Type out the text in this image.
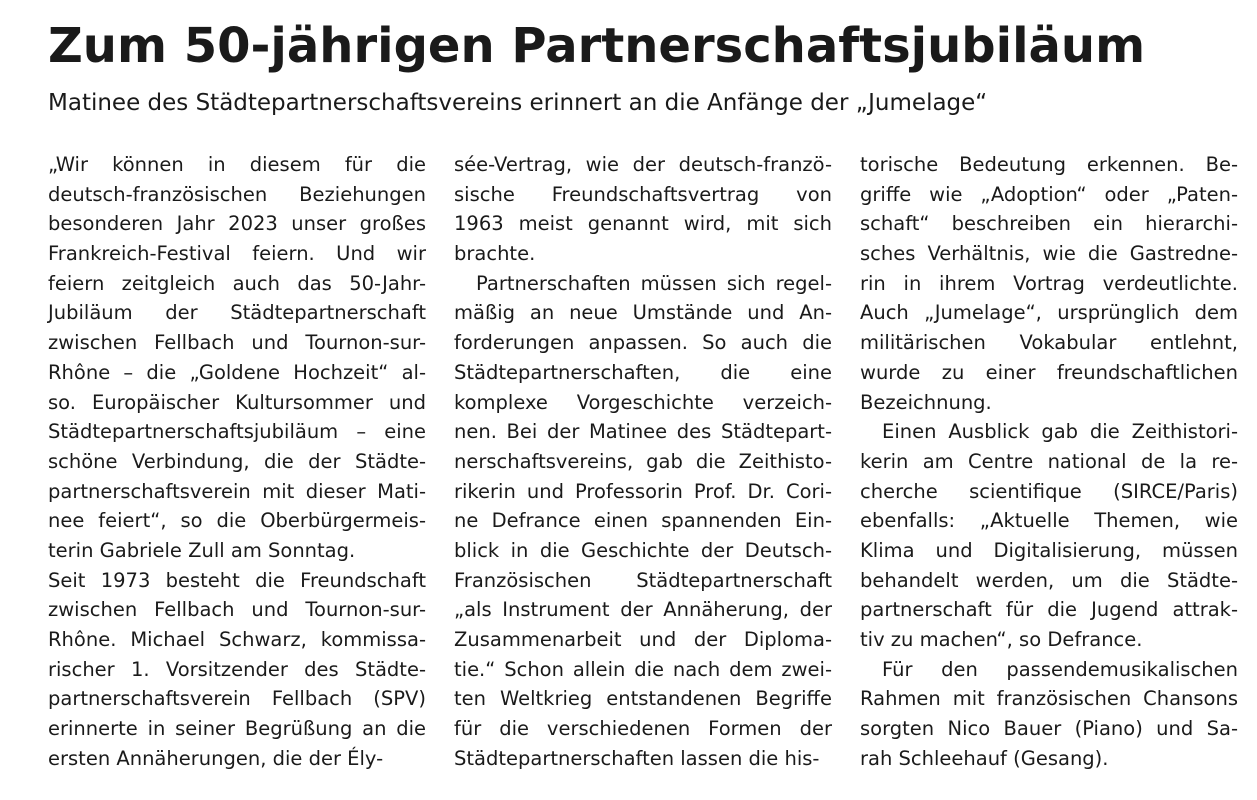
Zum 50-jährigen Partnerschaftsjubiläum
Matinee des Städtepartnerschaftsvereins erinnert an die Anfänge der „Jumelage“
„Wir können in diesem für die
deutsch-französischen Beziehungen
besonderen Jahr 2023 unser großes
Frankreich-Festival feiern. Und wir
feiern zeitgleich auch das 50-Jahr-
Jubiläum der Städtepartnerschaft
zwischen Fellbach und Tournon-sur-
Rhône – die „Goldene Hochzeit“ al-
so. Europäischer Kultursommer und
Städtepartnerschaftsjubiläum – eine
schöne Verbindung, die der Städte-
partnerschaftsverein mit dieser Mati-
nee feiert“, so die Oberbürgermeis-
terin Gabriele Zull am Sonntag.
Seit 1973 besteht die Freundschaft
zwischen Fellbach und Tournon-sur-
Rhône. Michael Schwarz, kommissa-
rischer 1. Vorsitzender des Städte-
partnerschaftsverein Fellbach (SPV)
erinnerte in seiner Begrüßung an die
ersten Annäherungen, die der Ély-
sée-Vertrag, wie der deutsch-franzö-
sische Freundschaftsvertrag von
1963 meist genannt wird, mit sich
brachte.
Partnerschaften müssen sich regel-
mäßig an neue Umstände und An-
forderungen anpassen. So auch die
Städtepartnerschaften, die eine
komplexe Vorgeschichte verzeich-
nen. Bei der Matinee des Städtepart-
nerschaftsvereins, gab die Zeithisto-
rikerin und Professorin Prof. Dr. Cori-
ne Defrance einen spannenden Ein-
blick in die Geschichte der Deutsch-
Französischen Städtepartnerschaft
„als Instrument der Annäherung, der
Zusammenarbeit und der Diploma-
tie.“ Schon allein die nach dem zwei-
ten Weltkrieg entstandenen Begriffe
für die verschiedenen Formen der
Städtepartnerschaften lassen die his-
torische Bedeutung erkennen. Be-
griffe wie „Adoption“ oder „Paten-
schaft“ beschreiben ein hierarchi-
sches Verhältnis, wie die Gastredne-
rin in ihrem Vortrag verdeutlichte.
Auch „Jumelage“, ursprünglich dem
militärischen Vokabular entlehnt,
wurde zu einer freundschaftlichen
Bezeichnung.
Einen Ausblick gab die Zeithistori-
kerin am Centre national de la re-
cherche scientifique (SIRCE/Paris)
ebenfalls: „Aktuelle Themen, wie
Klima und Digitalisierung, müssen
behandelt werden, um die Städte-
partnerschaft für die Jugend attrak-
tiv zu machen“, so Defrance.
Für den passendemusikalischen
Rahmen mit französischen Chansons
sorgten Nico Bauer (Piano) und Sa-
rah Schleehauf (Gesang).
